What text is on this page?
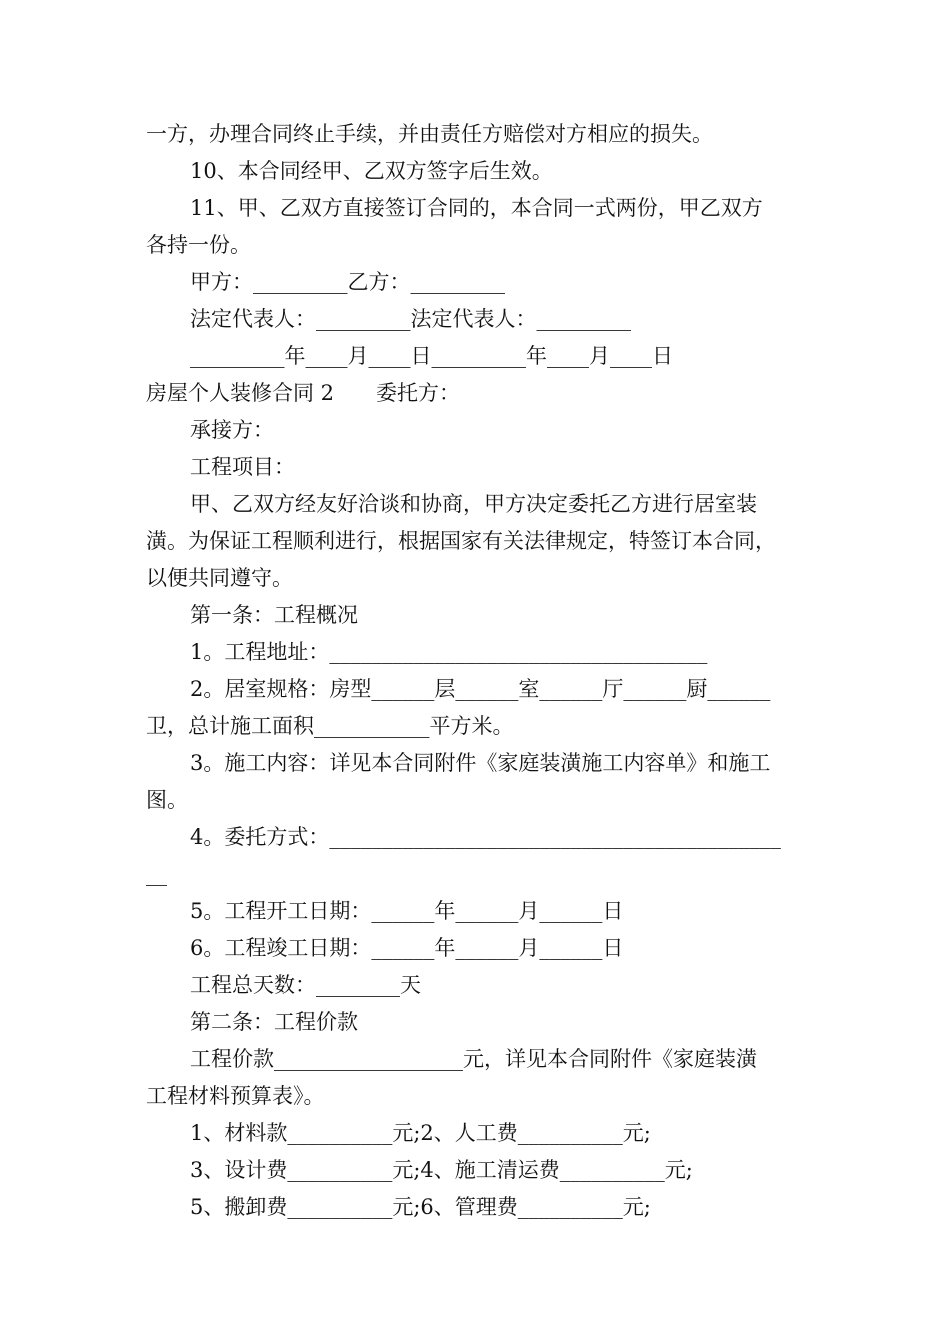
一方，办理合同终止手续，并由责任方赔偿对方相应的损失。
10、本合同经甲、乙双方签字后生效。
11、甲、乙双方直接签订合同的，本合同一式两份，甲乙双方
各持一份。
甲方：_________乙方：_________
法定代表人：_________法定代表人：_________
_________年____月____日_________年____月____日
房屋个人装修合同 2　　委托方：
承接方：
工程项目：
甲、乙双方经友好洽谈和协商，甲方决定委托乙方进行居室装
潢。为保证工程顺利进行，根据国家有关法律规定，特签订本合同，
以便共同遵守。
第一条：工程概况
1。工程地址：____________________________________
2。居室规格：房型______层______室______厅______厨______
卫，总计施工面积___________平方米。
3。施工内容：详见本合同附件《家庭装潢施工内容单》和施工
图。
4。委托方式：___________________________________________
__
5。工程开工日期：______年______月______日
6。工程竣工日期：______年______月______日
工程总天数：________天
第二条：工程价款
工程价款__________________元，详见本合同附件《家庭装潢
工程材料预算表》。
1、材料款__________元;2、人工费__________元;
3、设计费__________元;4、施工清运费__________元;
5、搬卸费__________元;6、管理费__________元;
